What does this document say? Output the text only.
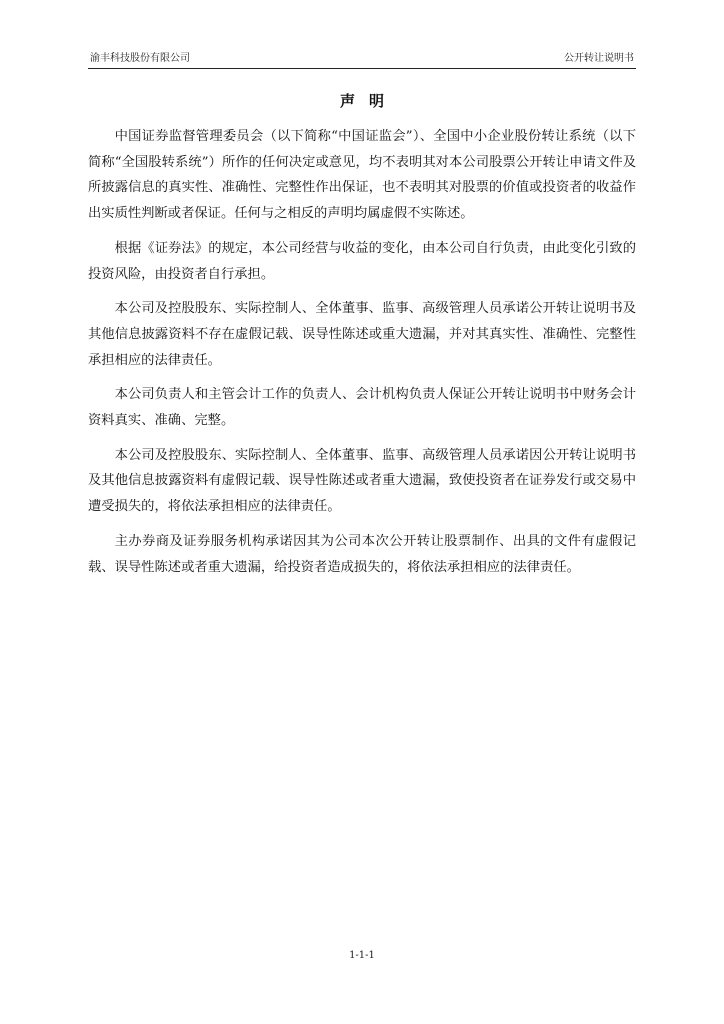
渝丰科技股份有限公司	公开转让说明书
声明

中国证券监督管理委员会（以下简称“中国证监会”）、全国中小企业股份转让系统（以下简称“全国股转系统”）所作的任何决定或意见，均不表明其对本公司股票公开转让申请文件及所披露信息的真实性、准确性、完整性作出保证，也不表明其对股票的价值或投资者的收益作出实质性判断或者保证。任何与之相反的声明均属虚假不实陈述。

根据《证券法》的规定，本公司经营与收益的变化，由本公司自行负责，由此变化引致的投资风险，由投资者自行承担。

本公司及控股股东、实际控制人、全体董事、监事、高级管理人员承诺公开转让说明书及其他信息披露资料不存在虚假记载、误导性陈述或重大遗漏，并对其真实性、准确性、完整性承担相应的法律责任。

本公司负责人和主管会计工作的负责人、会计机构负责人保证公开转让说明书中财务会计资料真实、准确、完整。

本公司及控股股东、实际控制人、全体董事、监事、高级管理人员承诺因公开转让说明书及其他信息披露资料有虚假记载、误导性陈述或者重大遗漏，致使投资者在证券发行或交易中遭受损失的，将依法承担相应的法律责任。

主办券商及证券服务机构承诺因其为公司本次公开转让股票制作、出具的文件有虚假记载、误导性陈述或者重大遗漏，给投资者造成损失的，将依法承担相应的法律责任。

1-1-1
